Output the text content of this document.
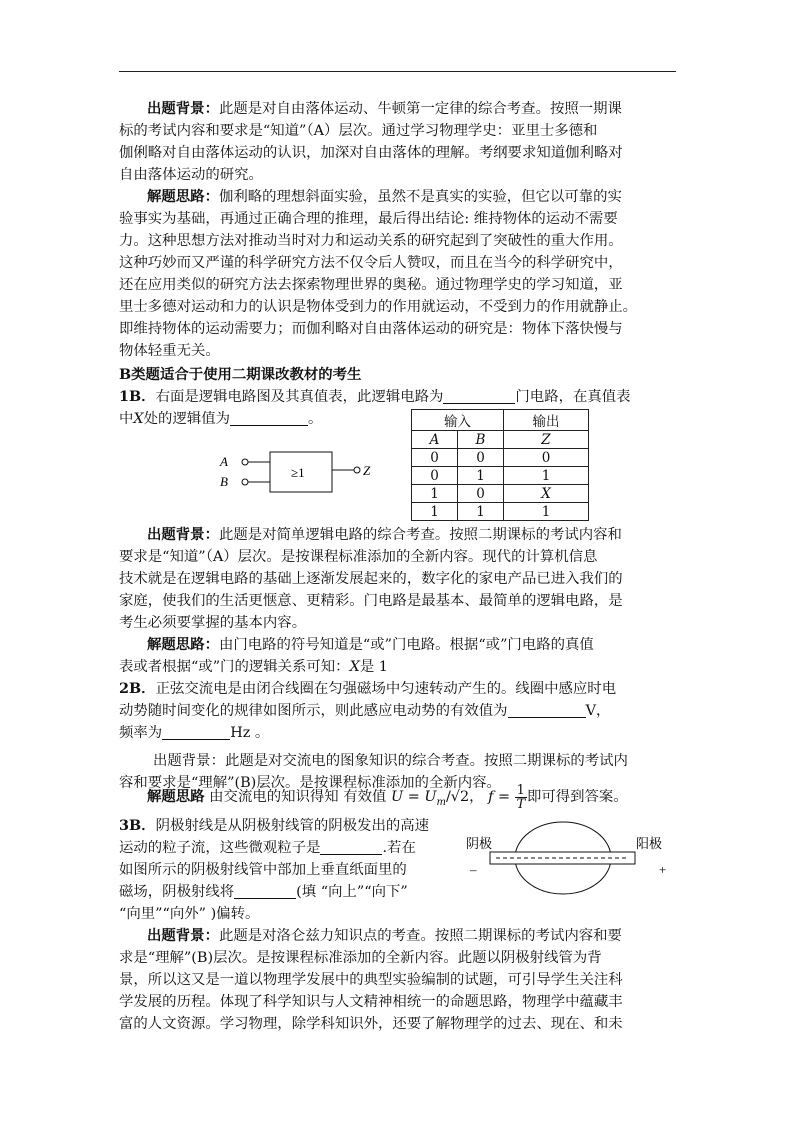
出题背景：此题是对自由落体运动、牛顿第一定律的综合考查。按照一期课
标的考试内容和要求是“知道”（A）层次。通过学习物理学史：亚里士多德和
伽俐略对自由落体运动的认识，加深对自由落体的理解。考纲要求知道伽利略对
自由落体运动的研究。
解题思路：伽利略的理想斜面实验，虽然不是真实的实验，但它以可靠的实
验事实为基础，再通过正确合理的推理，最后得出结论: 维持物体的运动不需要
力。这种思想方法对推动当时对力和运动关系的研究起到了突破性的重大作用。
这种巧妙而又严谨的科学研究方法不仅令后人赞叹，而且在当今的科学研究中，
还在应用类似的研究方法去探索物理世界的奥秘。通过物理学史的学习知道，亚
里士多德对运动和力的认识是物体受到力的作用就运动，不受到力的作用就静止。
即维持物体的运动需要力；而伽利略对自由落体运动的研究是：物体下落快慢与
物体轻重无关。
B类题适合于使用二期课改教材的考生
1B．右面是逻辑电路图及其真值表，此逻辑电路为	门电路，在真值表
中X处的逻辑值为	。
A
B
≥1	Z
输入		输出
A	B	Z
0	0	0
0	1	1
1	0	X
1	1	1
出题背景：此题是对简单逻辑电路的综合考查。按照二期课标的考试内容和
要求是“知道”（A）层次。是按课程标准添加的全新内容。现代的计算机信息
技术就是在逻辑电路的基础上逐渐发展起来的，数字化的家电产品已进入我们的
家庭，使我们的生活更惬意、更精彩。门电路是最基本、最简单的逻辑电路，是
考生必须要掌握的基本内容。
解题思路：由门电路的符号知道是“或”门电路。根据“或”门电路的真值
表或者根据“或”门的逻辑关系可知：X是 1
2B．正弦交流电是由闭合线圈在匀强磁场中匀速转动产生的。线圈中感应时电
动势随时间变化的规律如图所示，则此感应电动势的有效值为	V，
频率为	Hz 。
出题背景：此题是对交流电的图象知识的综合考查。按照二期课标的考试内
容和要求是“理解”(B)层次。是按课程标准添加的全新内容。
解题思路 由交流电的知识得知 有效值 $U = U_m/√2$， $f = \frac{1}{T}$ 即可得到答案。
3B．阴极射线是从阴极射线管的阴极发出的高速
运动的粒子流，这些微观粒子是	.若在
如图所示的阴极射线管中部加上垂直纸面里的
磁场，阴极射线将	(填 “向上”“向下”
“向里”“向外” )偏转。
阴极	阳极
–	+
出题背景：此题是对洛仑兹力知识点的考查。按照二期课标的考试内容和要
求是“理解”(B)层次。是按课程标准添加的全新内容。此题以阴极射线管为背
景，所以这又是一道以物理学发展中的典型实验编制的试题，可引导学生关注科
学发展的历程。体现了科学知识与人文精神相统一的命题思路，物理学中蕴藏丰
富的人文资源。学习物理，除学科知识外，还要了解物理学的过去、现在、和未
